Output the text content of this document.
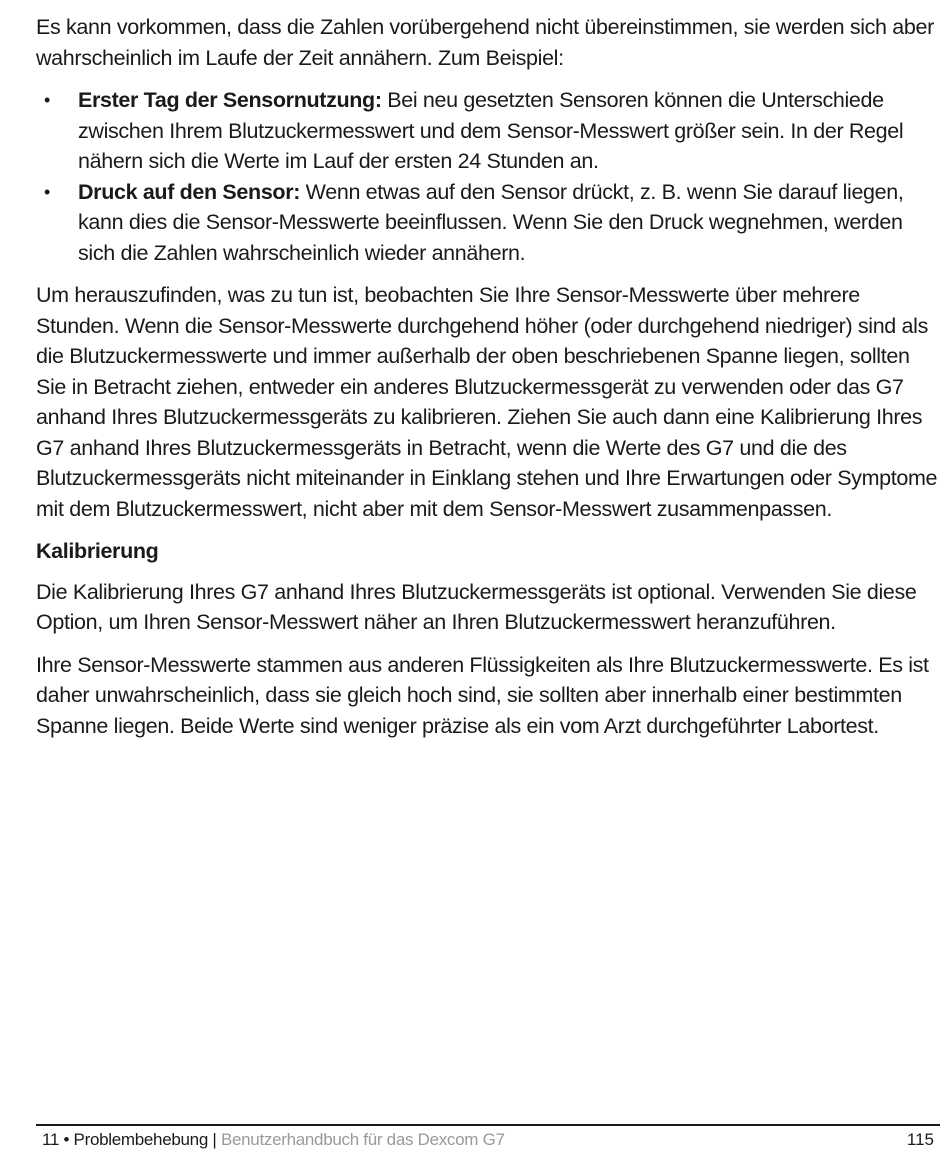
Es kann vorkommen, dass die Zahlen vorübergehend nicht übereinstimmen, sie werden sich aber wahrscheinlich im Laufe der Zeit annähern. Zum Beispiel:

• Erster Tag der Sensornutzung: Bei neu gesetzten Sensoren können die Unterschiede zwischen Ihrem Blutzuckermesswert und dem Sensor-Messwert größer sein. In der Regel nähern sich die Werte im Lauf der ersten 24 Stunden an.
• Druck auf den Sensor: Wenn etwas auf den Sensor drückt, z. B. wenn Sie darauf liegen, kann dies die Sensor-Messwerte beeinflussen. Wenn Sie den Druck wegnehmen, werden sich die Zahlen wahrscheinlich wieder annähern.

Um herauszufinden, was zu tun ist, beobachten Sie Ihre Sensor-Messwerte über mehrere Stunden. Wenn die Sensor-Messwerte durchgehend höher (oder durchgehend niedriger) sind als die Blutzuckermesswerte und immer außerhalb der oben beschriebenen Spanne liegen, sollten Sie in Betracht ziehen, entweder ein anderes Blutzuckermessgerät zu verwenden oder das G7 anhand Ihres Blutzuckermessgeräts zu kalibrieren. Ziehen Sie auch dann eine Kalibrierung Ihres G7 anhand Ihres Blutzuckermessgeräts in Betracht, wenn die Werte des G7 und die des Blutzuckermessgeräts nicht miteinander in Einklang stehen und Ihre Erwartungen oder Symptome mit dem Blutzuckermesswert, nicht aber mit dem Sensor-Messwert zusammenpassen.

Kalibrierung

Die Kalibrierung Ihres G7 anhand Ihres Blutzuckermessgeräts ist optional. Verwenden Sie diese Option, um Ihren Sensor-Messwert näher an Ihren Blutzuckermesswert heranzuführen.

Ihre Sensor-Messwerte stammen aus anderen Flüssigkeiten als Ihre Blutzuckermesswerte. Es ist daher unwahrscheinlich, dass sie gleich hoch sind, sie sollten aber innerhalb einer bestimmten Spanne liegen. Beide Werte sind weniger präzise als ein vom Arzt durchgeführter Labortest.

11 • Problembehebung | Benutzerhandbuch für das Dexcom G7	115
